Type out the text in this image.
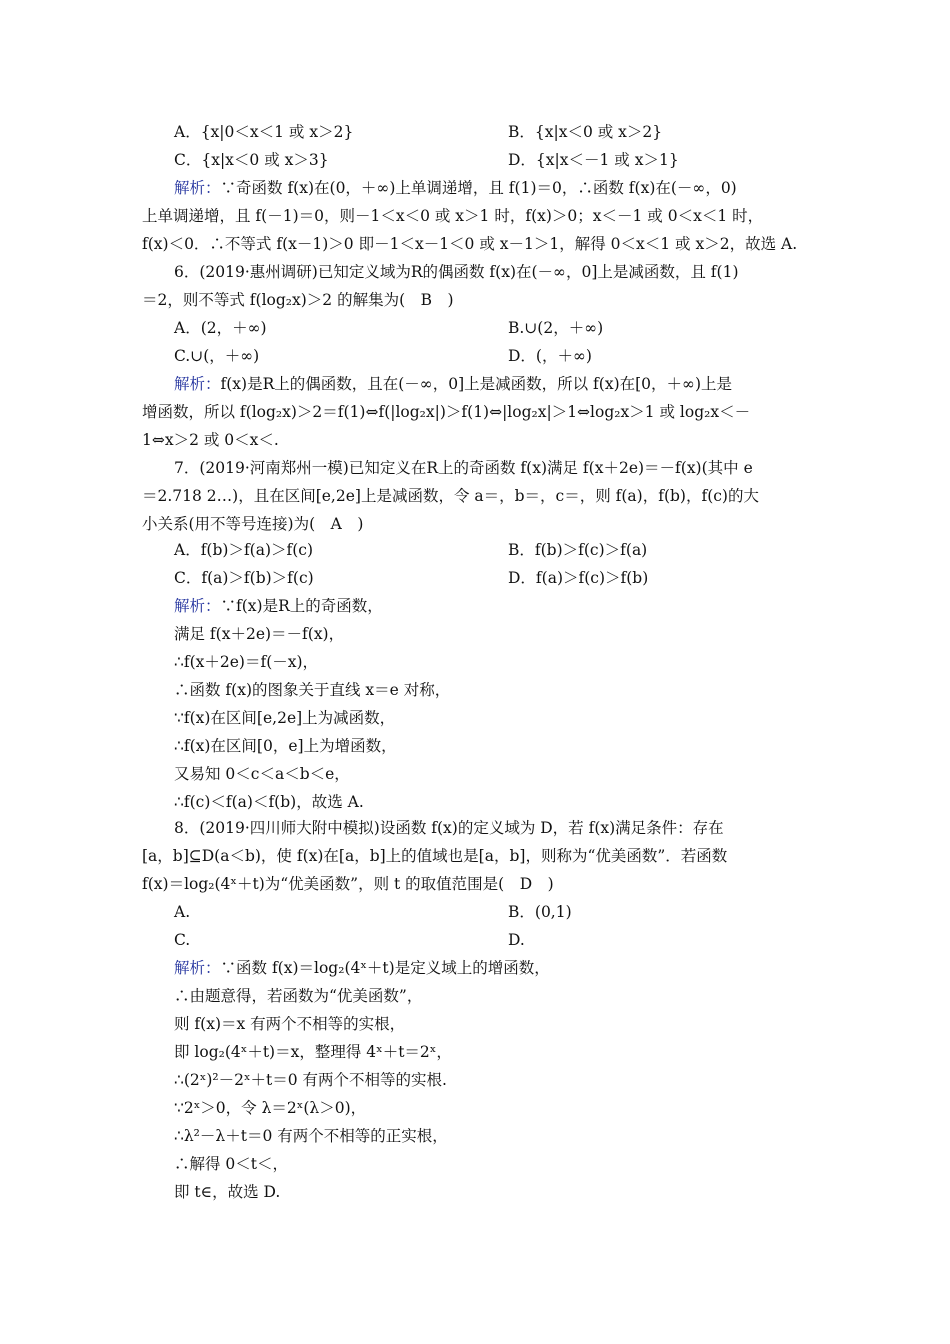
A．{x|0＜x＜1 或 x＞2}	B．{x|x＜0 或 x＞2}
C．{x|x＜0 或 x＞3}	D．{x|x＜－1 或 x＞1}
解析：∵奇函数 f(x)在(0，＋∞)上单调递增，且 f(1)＝0，∴函数 f(x)在(－∞，0)
上单调递增，且 f(－1)＝0，则－1＜x＜0 或 x＞1 时，f(x)＞0；x＜－1 或 0＜x＜1 时，
f(x)＜0．∴不等式 f(x－1)＞0 即－1＜x－1＜0 或 x－1＞1，解得 0＜x＜1 或 x＞2，故选 A.
6．(2019·惠州调研)已知定义域为R的偶函数 f(x)在(－∞，0]上是减函数，且 f(1)
＝2，则不等式 f(log₂x)＞2 的解集为(　B　)
A．(2，＋∞)	B.∪(2，＋∞)
C.∪(，＋∞)	D．(，＋∞)
解析：f(x)是R上的偶函数，且在(－∞，0]上是减函数，所以 f(x)在[0，＋∞)上是
增函数，所以 f(log₂x)＞2＝f(1)⇔f(|log₂x|)＞f(1)⇔|log₂x|＞1⇔log₂x＞1 或 log₂x＜－
1⇔x＞2 或 0＜x＜.
7．(2019·河南郑州一模)已知定义在R上的奇函数 f(x)满足 f(x＋2e)＝－f(x)(其中 e
＝2.718 2…)，且在区间[e,2e]上是减函数，令 a＝，b＝，c＝，则 f(a)，f(b)，f(c)的大
小关系(用不等号连接)为(　A　)
A．f(b)＞f(a)＞f(c)	B．f(b)＞f(c)＞f(a)
C．f(a)＞f(b)＞f(c)	D．f(a)＞f(c)＞f(b)
解析：∵f(x)是R上的奇函数，
满足 f(x＋2e)＝－f(x)，
∴f(x＋2e)＝f(－x)，
∴函数 f(x)的图象关于直线 x＝e 对称，
∵f(x)在区间[e,2e]上为减函数，
∴f(x)在区间[0，e]上为增函数，
又易知 0＜c＜a＜b＜e，
∴f(c)＜f(a)＜f(b)，故选 A.
8．(2019·四川师大附中模拟)设函数 f(x)的定义域为 D，若 f(x)满足条件：存在
[a，b]⊆D(a＜b)，使 f(x)在[a，b]上的值域也是[a，b]，则称为“优美函数”．若函数
f(x)＝log₂(4ˣ＋t)为“优美函数”，则 t 的取值范围是(　D　)
A.	B．(0,1)
C.	D.
解析：∵函数 f(x)＝log₂(4ˣ＋t)是定义域上的增函数，
∴由题意得，若函数为“优美函数”，
则 f(x)＝x 有两个不相等的实根，
即 log₂(4ˣ＋t)＝x，整理得 4ˣ＋t＝2ˣ，
∴(2ˣ)²－2ˣ＋t＝0 有两个不相等的实根.
∵2ˣ＞0，令 λ＝2ˣ(λ＞0)，
∴λ²－λ＋t＝0 有两个不相等的正实根，
∴解得 0＜t＜，
即 t∈，故选 D.
